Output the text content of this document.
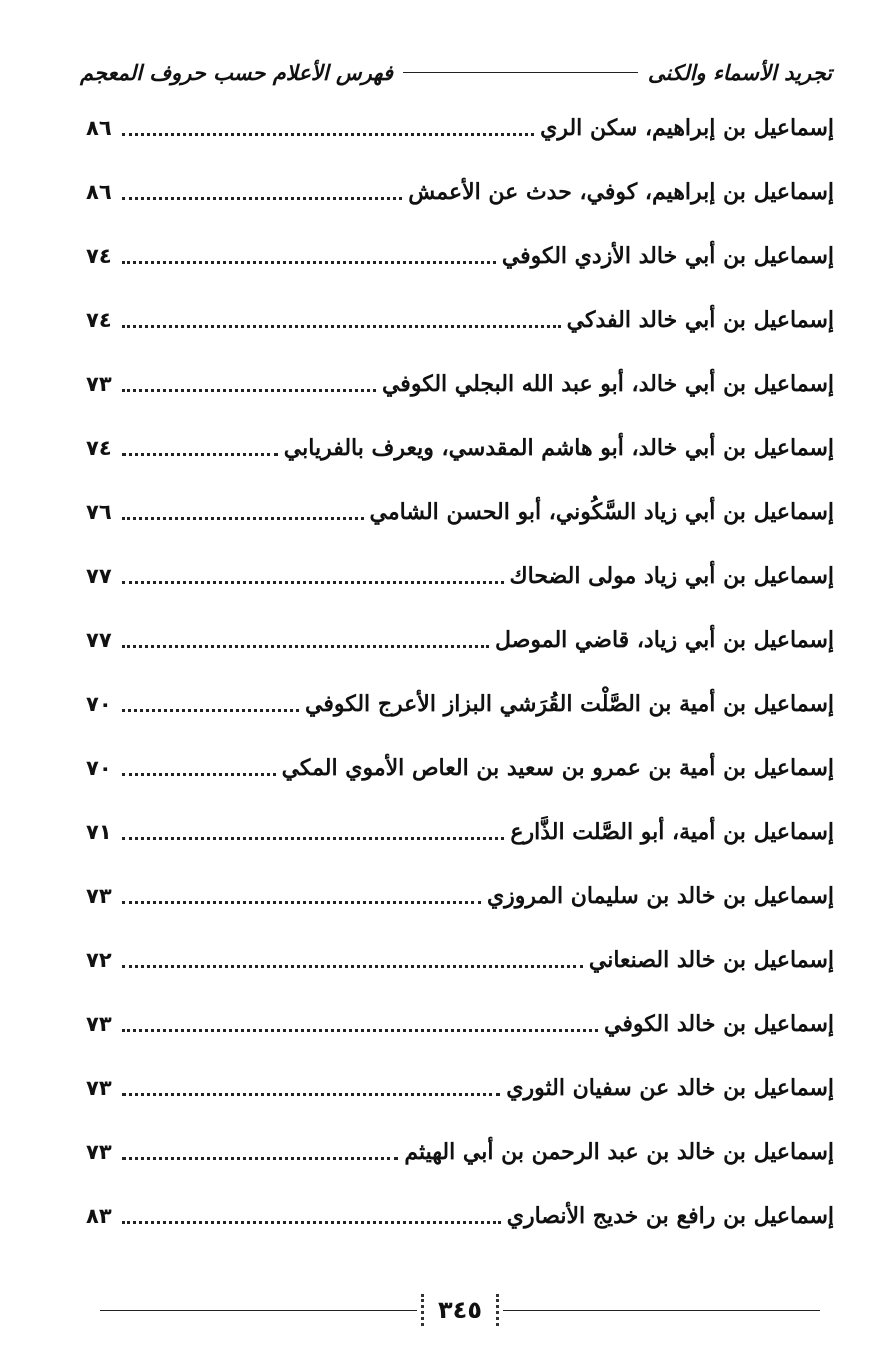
تجريد الأسماء والكنى
فهرس الأعلام حسب حروف المعجم
إسماعيل بن إبراهيم، سكن الري
٨٦
إسماعيل بن إبراهيم، كوفي، حدث عن الأعمش
٨٦
إسماعيل بن أبي خالد الأزدي الكوفي
٧٤
إسماعيل بن أبي خالد الفدكي
٧٤
إسماعيل بن أبي خالد، أبو عبد الله البجلي الكوفي
٧٣
إسماعيل بن أبي خالد، أبو هاشم المقدسي، ويعرف بالفريابي
٧٤
إسماعيل بن أبي زياد السَّكُوني، أبو الحسن الشامي
٧٦
إسماعيل بن أبي زياد مولى الضحاك
٧٧
إسماعيل بن أبي زياد، قاضي الموصل
٧٧
إسماعيل بن أمية بن الصَّلْت القُرَشي البزاز الأعرج الكوفي
٧٠
إسماعيل بن أمية بن عمرو بن سعيد بن العاص الأموي المكي
٧٠
إسماعيل بن أمية، أبو الصَّلت الذَّارع
٧١
إسماعيل بن خالد بن سليمان المروزي
٧٣
إسماعيل بن خالد الصنعاني
٧٢
إسماعيل بن خالد الكوفي
٧٣
إسماعيل بن خالد عن سفيان الثوري
٧٣
إسماعيل بن خالد بن عبد الرحمن بن أبي الهيثم
٧٣
إسماعيل بن رافع بن خديج الأنصاري
٨٣
٣٤٥
